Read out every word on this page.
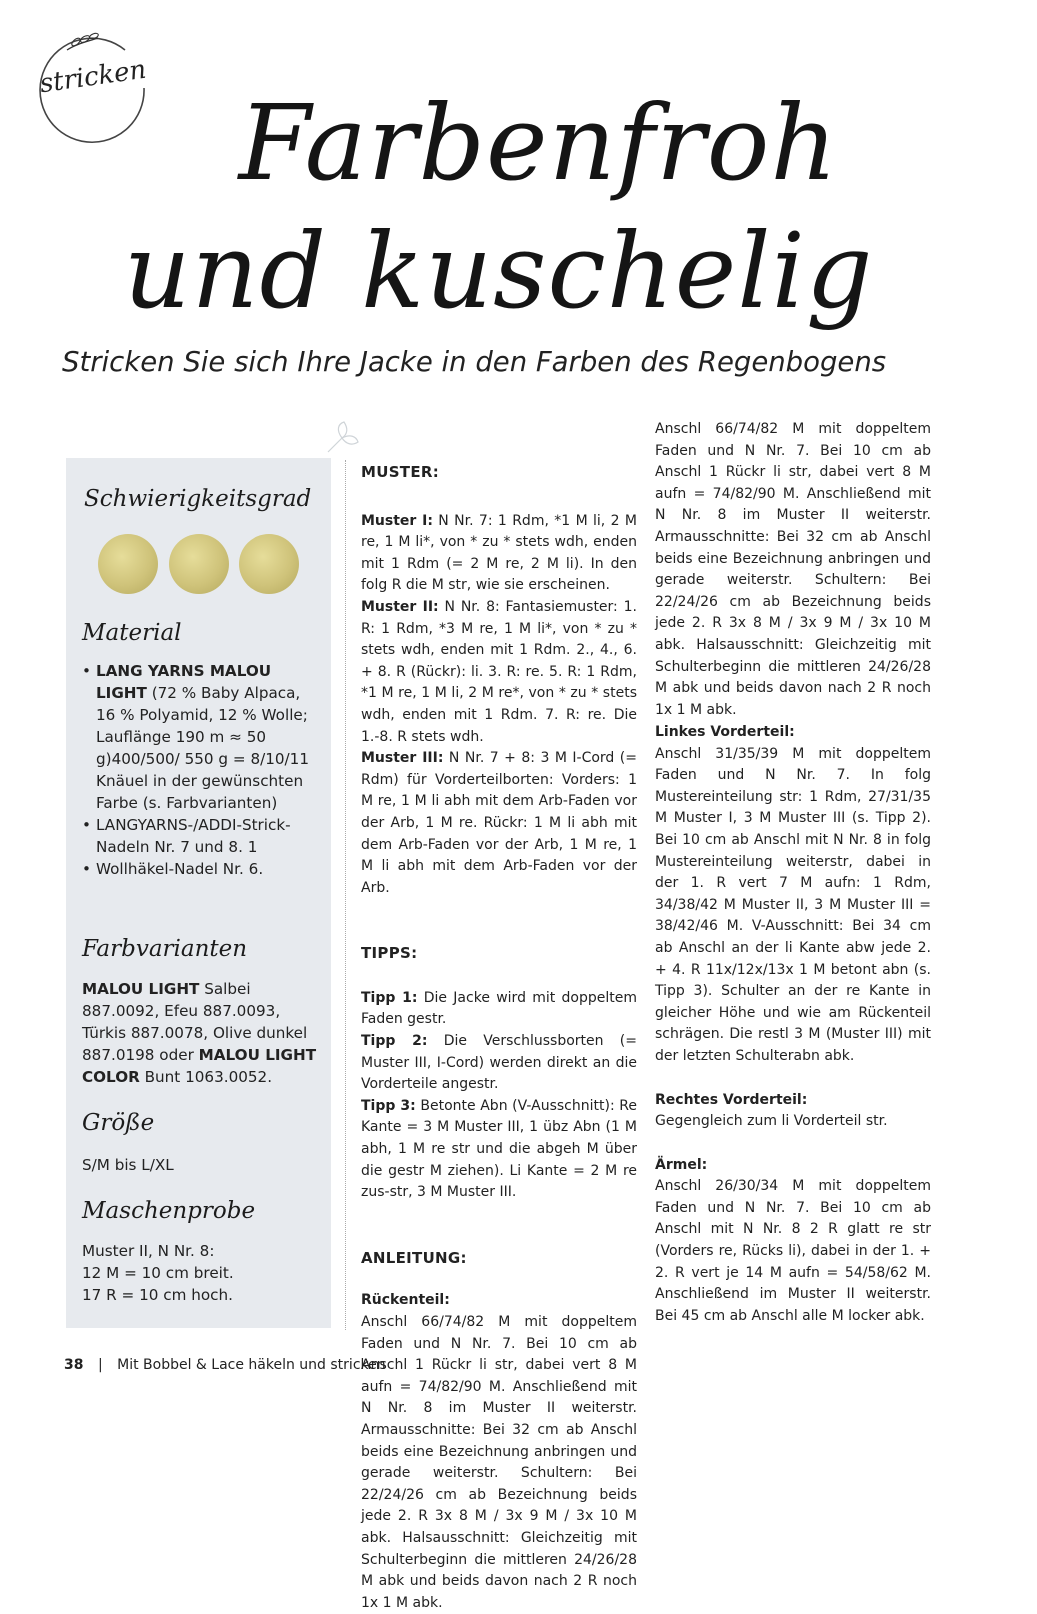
stricken
Farbenfroh
und kuschelig
Stricken Sie sich Ihre Jacke in den Farben des Regenbogens
Schwierigkeitsgrad
Material
• LANG YARNS MALOU LIGHT (72 % Baby Alpaca, 16 % Polyamid, 12 % Wolle; Lauflänge 190 m ≈ 50 g)400/500/ 550 g = 8/10/11 Knäuel in der gewünschten Farbe (s. Farbvarianten)
• LANGYARNS-/ADDI-Strick-Nadeln Nr. 7 und 8. 1
• Wollhäkel-Nadel Nr. 6.
Farbvarianten

MALOU LIGHT Salbei 887.0092, Efeu 887.0093, Türkis 887.0078, Olive dunkel 887.0198 oder MALOU LIGHT COLOR Bunt 1063.0052.

Größe

S/M bis L/XL

Maschenprobe

Muster II, N Nr. 8:

12 M = 10 cm breit.

17 R = 10 cm hoch.

MUSTER:

Muster I: N Nr. 7: 1 Rdm, *1 M li, 2 M re, 1 M li*, von * zu * stets wdh, enden mit 1 Rdm (= 2 M re, 2 M li). In den folg R die M str, wie sie erscheinen.

Muster II: N Nr. 8: Fantasiemuster: 1. R: 1 Rdm, *3 M re, 1 M li*, von * zu * stets wdh, enden mit 1 Rdm. 2., 4., 6. + 8. R (Rückr): li. 3. R: re. 5. R: 1 Rdm, *1 M re, 1 M li, 2 M re*, von * zu * stets wdh, enden mit 1 Rdm. 7. R: re. Die 1.-8. R stets wdh.

Muster III: N Nr. 7 + 8: 3 M I-Cord (= Rdm) für Vorderteilborten: Vorders: 1 M re, 1 M li abh mit dem Arb-Faden vor der Arb, 1 M re. Rückr: 1 M li abh mit dem Arb-Faden vor der Arb, 1 M re, 1 M li abh mit dem Arb-Faden vor der Arb.

TIPPS:

Tipp 1: Die Jacke wird mit doppeltem Faden gestr.

Tipp 2: Die Verschlussborten (= Muster III, I-Cord) werden direkt an die Vorderteile angestr.

Tipp 3: Betonte Abn (V-Ausschnitt): Re Kante = 3 M Muster III, 1 übz Abn (1 M abh, 1 M re str und die abgeh M über die gestr M ziehen). Li Kante = 2 M re zus-str, 3 M Muster III.

ANLEITUNG:

Rückenteil:

Anschl 66/74/82 M mit doppeltem Faden und N Nr. 7. Bei 10 cm ab Anschl 1 Rückr li str, dabei vert 8 M aufn = 74/82/90 M. Anschließend mit N Nr. 8 im Muster II weiterstr. Armausschnitte: Bei 32 cm ab Anschl beids eine Bezeichnung anbringen und gerade weiterstr. Schultern: Bei 22/24/26 cm ab Bezeichnung beids jede 2. R 3x 8 M / 3x 9 M / 3x 10 M abk. Halsausschnitt: Gleichzeitig mit Schulterbeginn die mittleren 24/26/28 M abk und beids davon nach 2 R noch 1x 1 M abk.

Anschl 66/74/82 M mit doppeltem Faden und N Nr. 7. Bei 10 cm ab Anschl 1 Rückr li str, dabei vert 8 M aufn = 74/82/90 M. Anschließend mit N Nr. 8 im Muster II weiterstr. Armausschnitte: Bei 32 cm ab Anschl beids eine Bezeichnung anbringen und gerade weiterstr. Schultern: Bei 22/24/26 cm ab Bezeichnung beids jede 2. R 3x 8 M / 3x 9 M / 3x 10 M abk. Halsausschnitt: Gleichzeitig mit Schulterbeginn die mittleren 24/26/28 M abk und beids davon nach 2 R noch 1x 1 M abk.

Linkes Vorderteil:

Anschl 31/35/39 M mit doppeltem Faden und N Nr. 7. In folg Mustereinteilung str: 1 Rdm, 27/31/35 M Muster I, 3 M Muster III (s. Tipp 2). Bei 10 cm ab Anschl mit N Nr. 8 in folg Mustereinteilung weiterstr, dabei in der 1. R vert 7 M aufn: 1 Rdm, 34/38/42 M Muster II, 3 M Muster III = 38/42/46 M. V-Ausschnitt: Bei 34 cm ab Anschl an der li Kante abw jede 2. + 4. R 11x/12x/13x 1 M betont abn (s. Tipp 3). Schulter an der re Kante in gleicher Höhe und wie am Rückenteil schrägen. Die restl 3 M (Muster III) mit der letzten Schulterabn abk.

Rechtes Vorderteil:

Gegengleich zum li Vorderteil str.

Ärmel:

Anschl 26/30/34 M mit doppeltem Faden und N Nr. 7. Bei 10 cm ab Anschl mit N Nr. 8 2 R glatt re str (Vorders re, Rücks li), dabei in der 1. + 2. R vert je 14 M aufn = 54/58/62 M. Anschließend im Muster II weiterstr. Bei 45 cm ab Anschl alle M locker abk.

38 | Mit Bobbel & Lace häkeln und stricken
